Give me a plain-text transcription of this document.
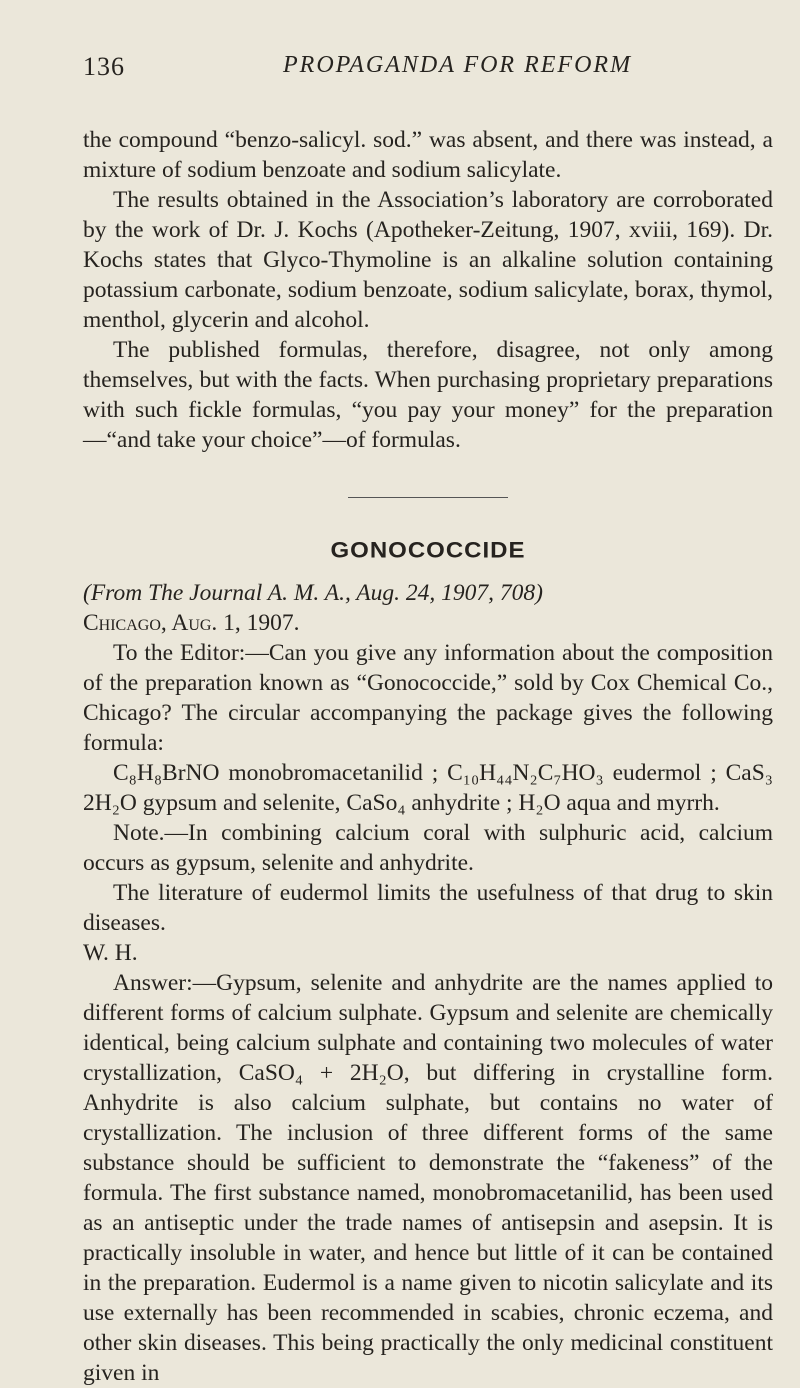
136	PROPAGANDA FOR REFORM

the compound “benzo-salicyl. sod.” was absent, and there was instead, a mixture of sodium benzoate and sodium salicylate.

The results obtained in the Association’s laboratory are corroborated by the work of Dr. J. Kochs (Apotheker-Zeitung, 1907, xviii, 169). Dr. Kochs states that Glyco-Thymoline is an alkaline solution containing potassium carbonate, sodium benzoate, sodium salicylate, borax, thymol, menthol, glycerin and alcohol.

The published formulas, therefore, disagree, not only among themselves, but with the facts. When purchasing proprietary preparations with such fickle formulas, “you pay your money” for the preparation—“and take your choice”—of formulas.

GONOCOCCIDE

(From The Journal A. M. A., Aug. 24, 1907, 708)

Chicago, Aug. 1, 1907.

To the Editor:—Can you give any information about the composition of the preparation known as “Gonococcide,” sold by Cox Chemical Co., Chicago? The circular accompanying the package gives the following formula:

C₈H₈BrNO monobromacetanilid ; C₁₀H₄₄N₂C₇HO₃ eudermol ; CaS₃ 2H₂O gypsum and selenite, CaSo₄ anhydrite ; H₂O aqua and myrrh.

Note.—In combining calcium coral with sulphuric acid, calcium occurs as gypsum, selenite and anhydrite.

The literature of eudermol limits the usefulness of that drug to skin diseases.

W. H.

Answer:—Gypsum, selenite and anhydrite are the names applied to different forms of calcium sulphate. Gypsum and selenite are chemically identical, being calcium sulphate and containing two molecules of water crystallization, CaSO₄ + 2H₂O, but differing in crystalline form. Anhydrite is also calcium sulphate, but contains no water of crystallization. The inclusion of three different forms of the same substance should be sufficient to demonstrate the “fakeness” of the formula. The first substance named, monobromacetanilid, has been used as an antiseptic under the trade names of antisepsin and asepsin. It is practically insoluble in water, and hence but little of it can be contained in the preparation. Eudermol is a name given to nicotin salicylate and its use externally has been recommended in scabies, chronic eczema, and other skin diseases. This being practically the only medicinal constituent given in
